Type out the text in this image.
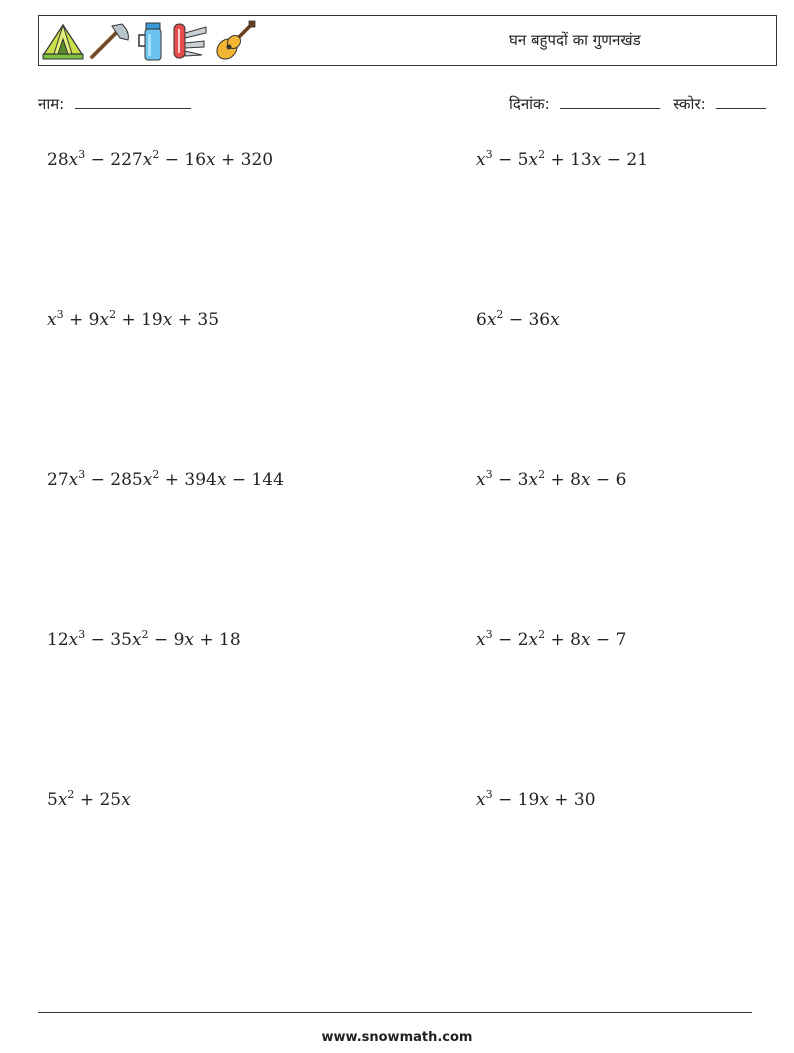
घन बहुपदों का गुणनखंड
नाम:	दिनांक:	स्कोर:
$28x^3 - 227x^2 - 16x + 320$	$x^3 - 5x^2 + 13x - 21$
$x^3 + 9x^2 + 19x + 35$	$6x^2 - 36x$
$27x^3 - 285x^2 + 394x - 144$	$x^3 - 3x^2 + 8x - 6$
$12x^3 - 35x^2 - 9x + 18$	$x^3 - 2x^2 + 8x - 7$
$5x^2 + 25x$	$x^3 - 19x + 30$
www.snowmath.com
